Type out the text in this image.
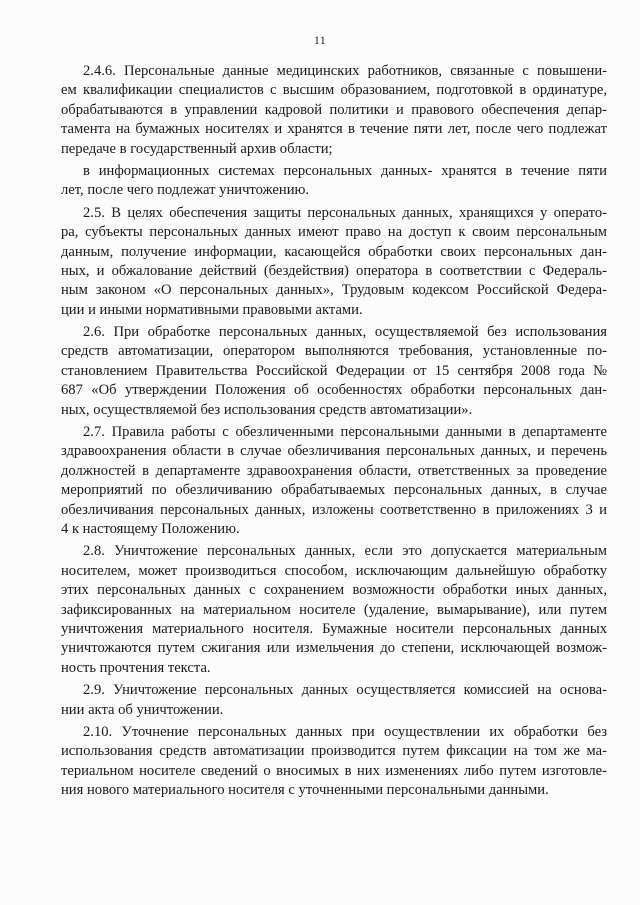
11
2.4.6. Персональные данные медицинских работников, связанные с повышени-
ем квалификации специалистов с высшим образованием, подготовкой в ординатуре,
обрабатываются в управлении кадровой политики и правового обеспечения депар-
тамента на бумажных носителях и хранятся в течение пяти лет, после чего подлежат
передаче в государственный архив области;
в информационных системах персональных данных- хранятся в течение пяти
лет, после чего подлежат уничтожению.
2.5. В целях обеспечения защиты персональных данных, хранящихся у операто-
ра, субъекты персональных данных имеют право на доступ к своим персональным
данным, получение информации, касающейся обработки своих персональных дан-
ных, и обжалование действий (бездействия) оператора в соответствии с Федераль-
ным законом «О персональных данных», Трудовым кодексом Российской Федера-
ции и иными нормативными правовыми актами.
2.6. При обработке персональных данных, осуществляемой без использования
средств автоматизации, оператором выполняются требования, установленные по-
становлением Правительства Российской Федерации от 15 сентября 2008 года №
687 «Об утверждении Положения об особенностях обработки персональных дан-
ных, осуществляемой без использования средств автоматизации».
2.7. Правила работы с обезличенными персональными данными в департаменте
здравоохранения области в случае обезличивания персональных данных, и перечень
должностей в департаменте здравоохранения области, ответственных за проведение
мероприятий по обезличиванию обрабатываемых персональных данных, в случае
обезличивания персональных данных, изложены соответственно в приложениях 3 и
4 к настоящему Положению.
2.8. Уничтожение персональных данных, если это допускается материальным
носителем, может производиться способом, исключающим дальнейшую обработку
этих персональных данных с сохранением возможности обработки иных данных,
зафиксированных на материальном носителе (удаление, вымарывание), или путем
уничтожения материального носителя. Бумажные носители персональных данных
уничтожаются путем сжигания или измельчения до степени, исключающей возмож-
ность прочтения текста.
2.9. Уничтожение персональных данных осуществляется комиссией на основа-
нии акта об уничтожении.
2.10. Уточнение персональных данных при осуществлении их обработки без
использования средств автоматизации производится путем фиксации на том же ма-
териальном носителе сведений о вносимых в них изменениях либо путем изготовле-
ния нового материального носителя с уточненными персональными данными.
